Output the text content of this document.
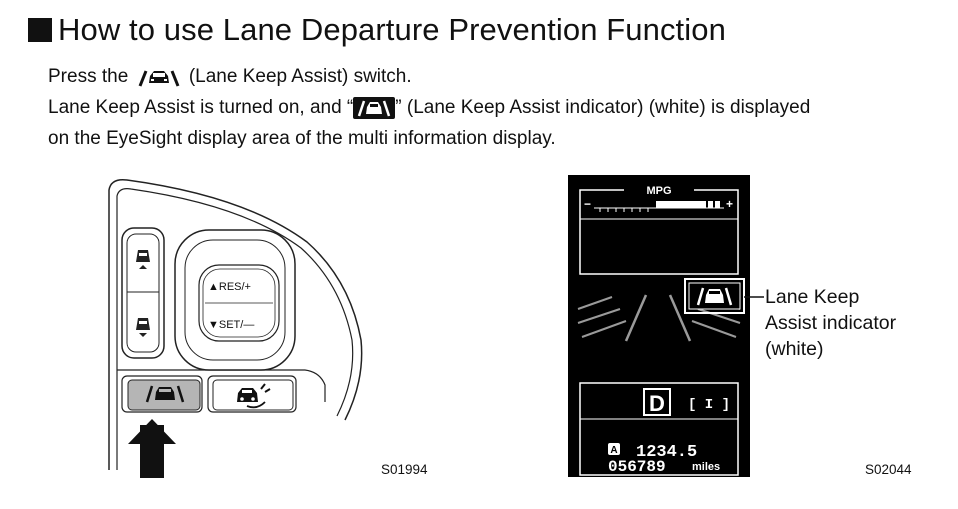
How to use Lane Departure Prevention Function
Press the	(Lane Keep Assist) switch.
Lane Keep Assist is turned on, and “ ” (Lane Keep Assist indicator) (white) is displayed
on the EyeSight display area of the multi information display.
▲RES/+
▼SET/—
S01994
MPG
−	+
D [ I ]
A 1234.5
056789 miles
Lane Keep
Assist indicator
(white)
S02044
